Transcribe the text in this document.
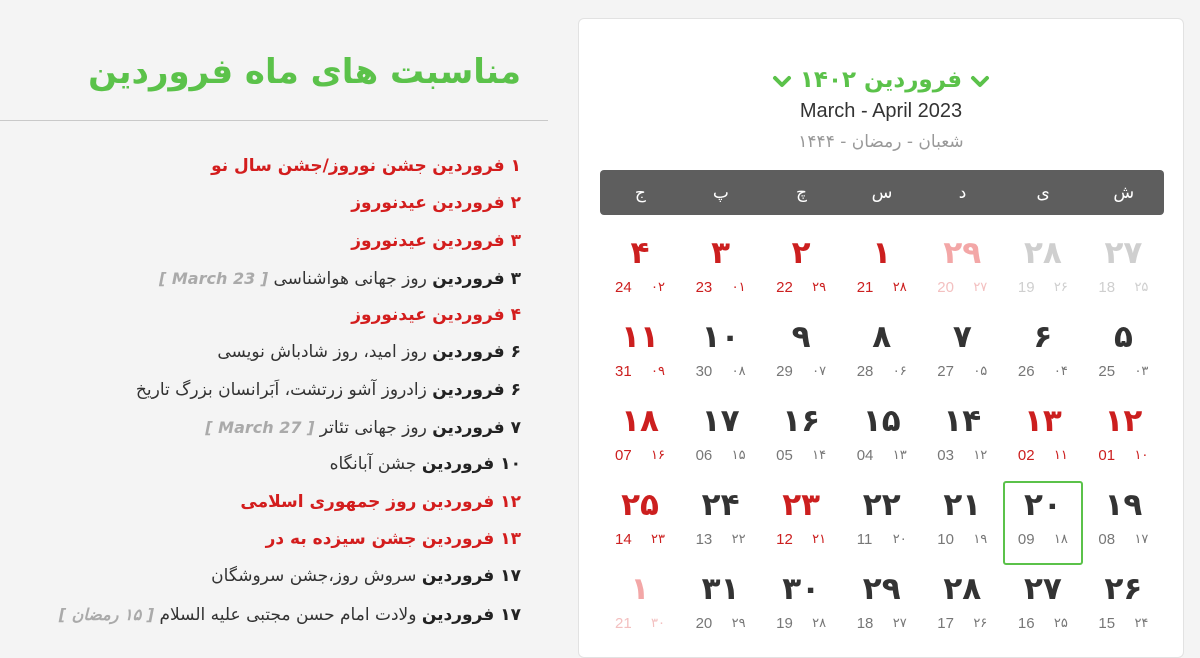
مناسبت های ماه فروردین
۱ فروردین جشن نوروز/جشن سال نو
۲ فروردین عیدنوروز
۳ فروردین عیدنوروز
۳ فروردین روز جهانی هواشناسی [ 23 March ]
۴ فروردین عیدنوروز
۶ فروردین روز امید، روز شادباش نویسی
۶ فروردین زادروز آشو زرتشت، اَبَرانسان بزرگ تاریخ
۷ فروردین روز جهانی تئاتر [ 27 March ]
۱۰ فروردین جشن آبانگاه
۱۲ فروردین روز جمهوری اسلامی
۱۳ فروردین جشن سیزده به در
۱۷ فروردین سروش روز،جشن سروشگان
۱۷ فروردین ولادت امام حسن مجتبی علیه السلام [ ۱۵ رمضان ]
فروردین ۱۴۰۲
March - April 2023
شعبان - رمضان - ۱۴۴۴
ش
ی
د
س
چ
پ
ج
۲۷
18 ۲۵
۲۸
19 ۲۶
۲۹
20 ۲۷
۱
21 ۲۸
۲
22 ۲۹
۳
23 ۰۱
۴
24 ۰۲
۵
25 ۰۳
۶
26 ۰۴
۷
27 ۰۵
۸
28 ۰۶
۹
29 ۰۷
۱۰
30 ۰۸
۱۱
31 ۰۹
۱۲
01 ۱۰
۱۳
02 ۱۱
۱۴
03 ۱۲
۱۵
04 ۱۳
۱۶
05 ۱۴
۱۷
06 ۱۵
۱۸
07 ۱۶
۱۹
08 ۱۷
۲۰
09 ۱۸
۲۱
10 ۱۹
۲۲
11 ۲۰
۲۳
12 ۲۱
۲۴
13 ۲۲
۲۵
14 ۲۳
۲۶
15 ۲۴
۲۷
16 ۲۵
۲۸
17 ۲۶
۲۹
18 ۲۷
۳۰
19 ۲۸
۳۱
20 ۲۹
۱
21 ۳۰
